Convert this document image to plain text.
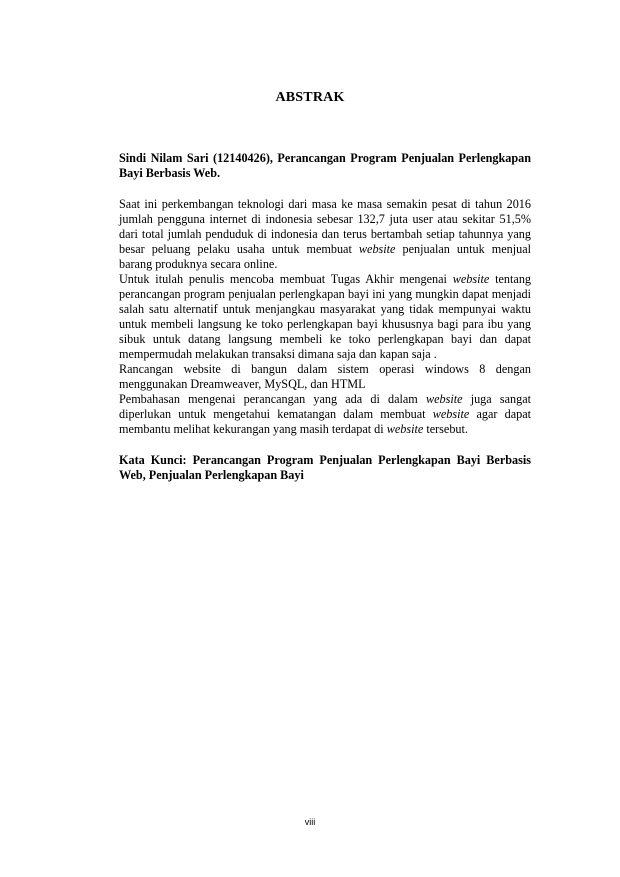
ABSTRAK

Sindi Nilam Sari (12140426), Perancangan Program Penjualan Perlengkapan Bayi Berbasis Web.

Saat ini perkembangan teknologi dari masa ke masa semakin pesat di tahun 2016 jumlah pengguna internet di indonesia sebesar 132,7 juta user atau sekitar 51,5% dari total jumlah penduduk di indonesia dan terus bertambah setiap tahunnya yang besar peluang pelaku usaha untuk membuat website penjualan untuk menjual barang produknya secara online.

Untuk itulah penulis mencoba membuat Tugas Akhir mengenai website tentang perancangan program penjualan perlengkapan bayi ini yang mungkin dapat menjadi salah satu alternatif untuk menjangkau masyarakat yang tidak mempunyai waktu untuk membeli langsung ke toko perlengkapan bayi khususnya bagi para ibu yang sibuk untuk datang langsung membeli ke toko perlengkapan bayi dan dapat mempermudah melakukan transaksi dimana saja dan kapan saja .

Rancangan website di bangun dalam sistem operasi windows 8 dengan menggunakan Dreamweaver, MySQL, dan HTML

Pembahasan mengenai perancangan yang ada di dalam website juga sangat diperlukan untuk mengetahui kematangan dalam membuat website agar dapat membantu melihat kekurangan yang masih terdapat di website tersebut.

Kata Kunci: Perancangan Program Penjualan Perlengkapan Bayi Berbasis Web, Penjualan Perlengkapan Bayi

viii
